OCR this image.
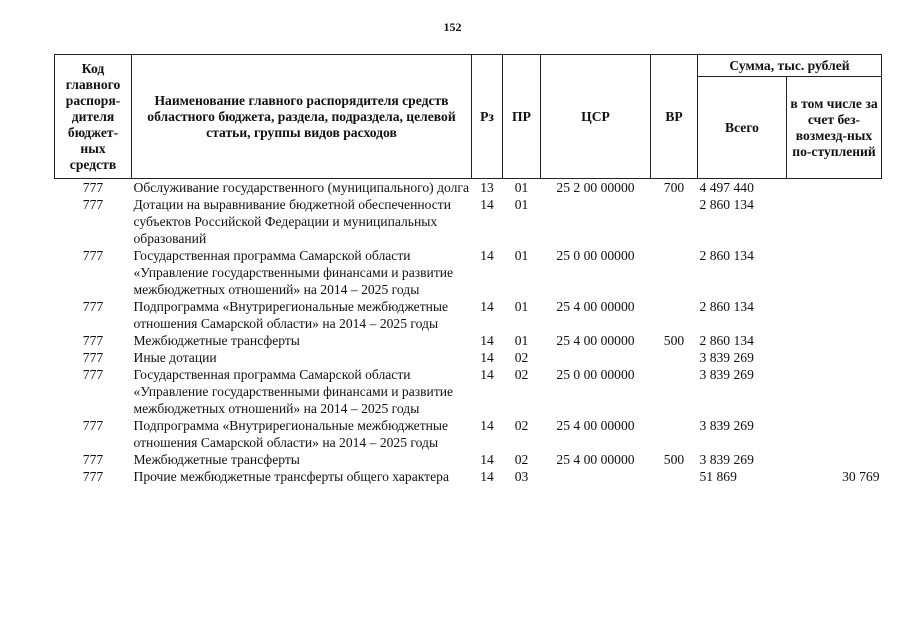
152
Код главного распоря-дителя бюджет-ных средств	Наименование главного распорядителя средств областного бюджета, раздела, подраздела, целевой статьи, группы видов расходов	Рз	ПР	ЦСР	ВР	Сумма, тыс. рублей	
						Всего	в том числе за счет без-возмезд-ных по-ступлений
777	Обслуживание государственного (муниципального) долга	13	01	25 2 00 00000	700	4 497 440	
777	Дотации на выравнивание бюджетной обеспеченности субъектов Российской Федерации и муниципальных образований	14	01			2 860 134	
777	Государственная программа Самарской области «Управление государственными финансами и развитие межбюджетных отношений» на 2014 – 2025 годы	14	01	25 0 00 00000		2 860 134	
777	Подпрограмма «Внутрирегиональные межбюджетные отношения Самарской области» на 2014 – 2025 годы	14	01	25 4 00 00000		2 860 134	
777	Межбюджетные трансферты	14	01	25 4 00 00000	500	2 860 134	
777	Иные дотации	14	02			3 839 269	
777	Государственная программа Самарской области «Управление государственными финансами и развитие межбюджетных отношений» на 2014 – 2025 годы	14	02	25 0 00 00000		3 839 269	
777	Подпрограмма «Внутрирегиональные межбюджетные отношения Самарской области» на 2014 – 2025 годы	14	02	25 4 00 00000		3 839 269	
777	Межбюджетные трансферты	14	02	25 4 00 00000	500	3 839 269	
777	Прочие межбюджетные трансферты общего характера	14	03			51 869	30 769
